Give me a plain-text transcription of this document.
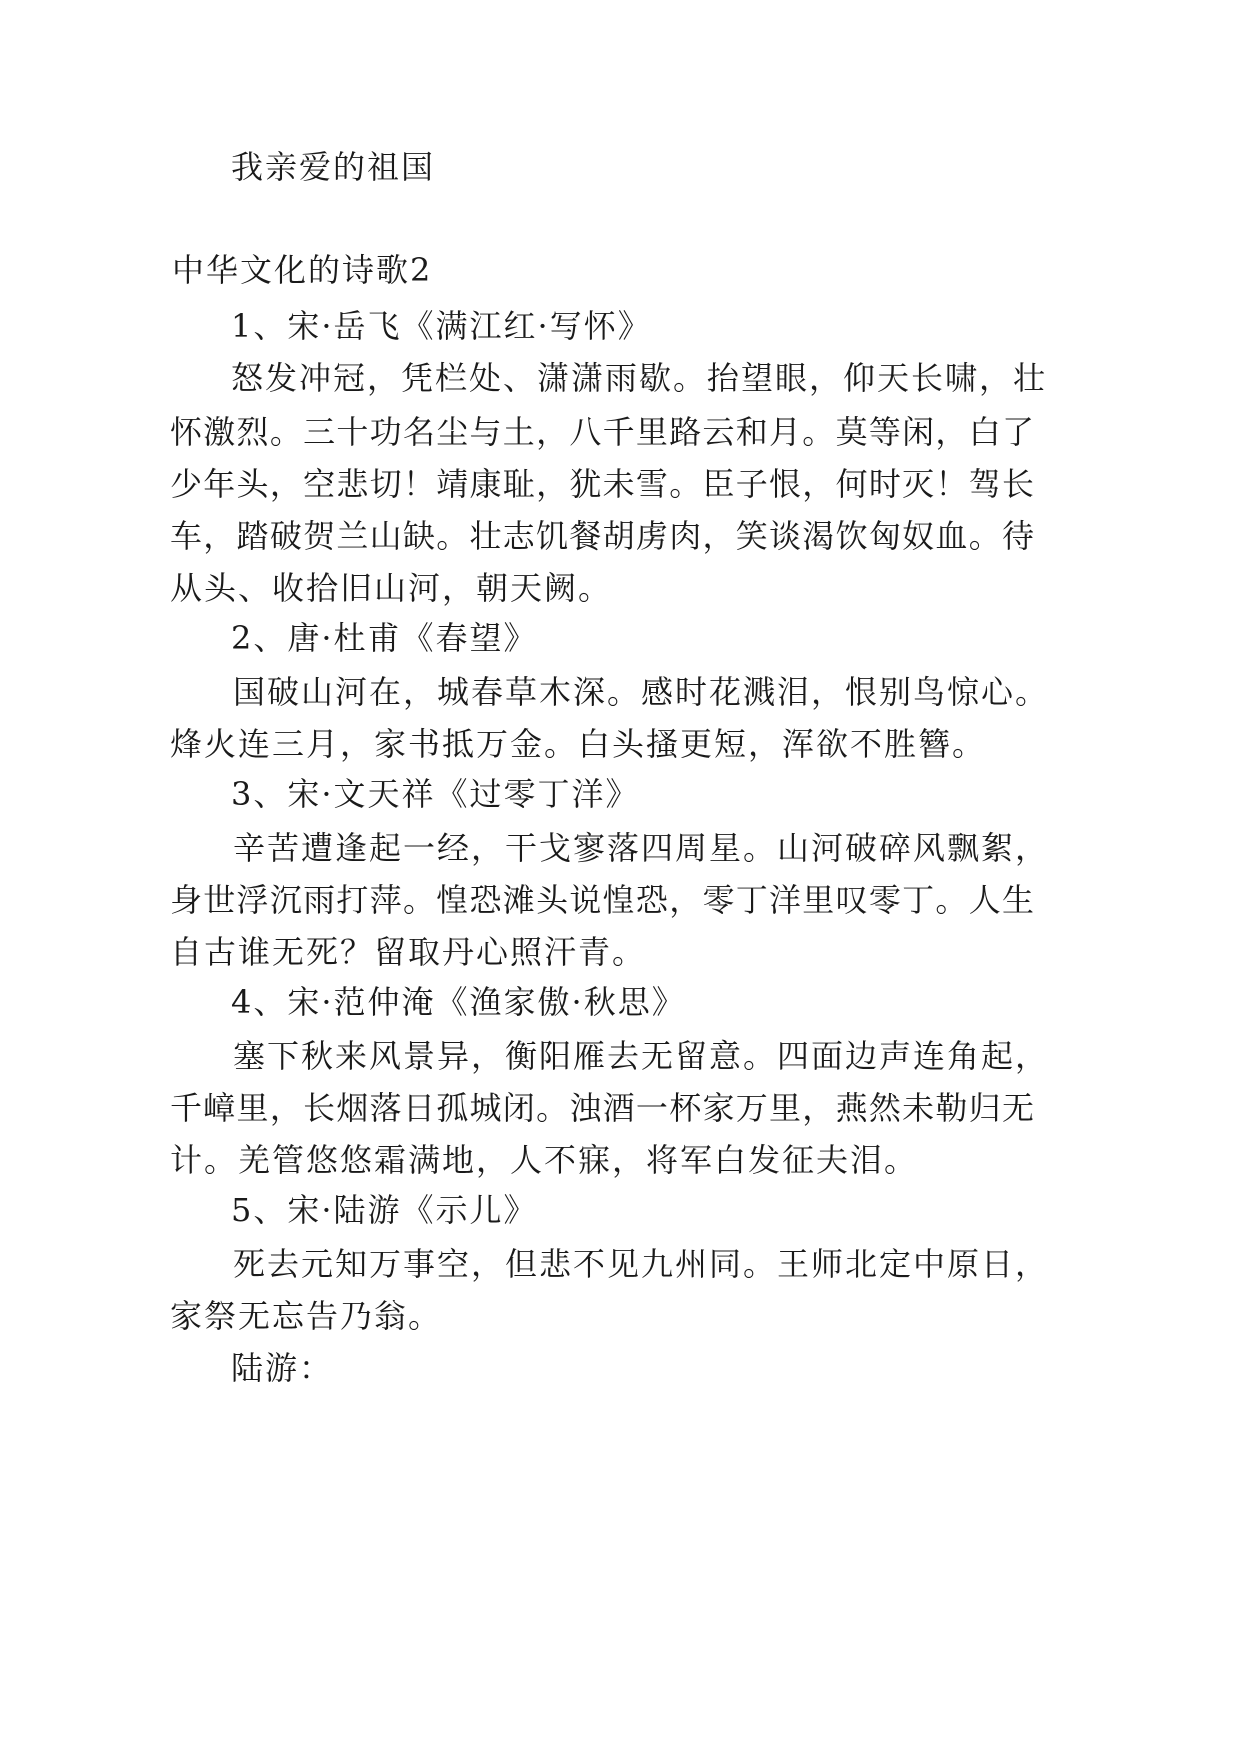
我亲爱的祖国
中华文化的诗歌2
1、宋·岳飞《满江红·写怀》
怒发冲冠，凭栏处、潇潇雨歇。抬望眼，仰天长啸，壮
怀激烈。三十功名尘与土，八千里路云和月。莫等闲，白了
少年头，空悲切！靖康耻，犹未雪。臣子恨，何时灭！驾长
车，踏破贺兰山缺。壮志饥餐胡虏肉，笑谈渴饮匈奴血。待
从头、收拾旧山河，朝天阙。
2、唐·杜甫《春望》
国破山河在，城春草木深。感时花溅泪，恨别鸟惊心。
烽火连三月，家书抵万金。白头搔更短，浑欲不胜簪。
3、宋·文天祥《过零丁洋》
辛苦遭逢起一经，干戈寥落四周星。山河破碎风飘絮，
身世浮沉雨打萍。惶恐滩头说惶恐，零丁洋里叹零丁。人生
自古谁无死？留取丹心照汗青。
4、宋·范仲淹《渔家傲·秋思》
塞下秋来风景异，衡阳雁去无留意。四面边声连角起，
千嶂里，长烟落日孤城闭。浊酒一杯家万里，燕然未勒归无
计。羌管悠悠霜满地，人不寐，将军白发征夫泪。
5、宋·陆游《示儿》
死去元知万事空，但悲不见九州同。王师北定中原日，
家祭无忘告乃翁。
陆游：
